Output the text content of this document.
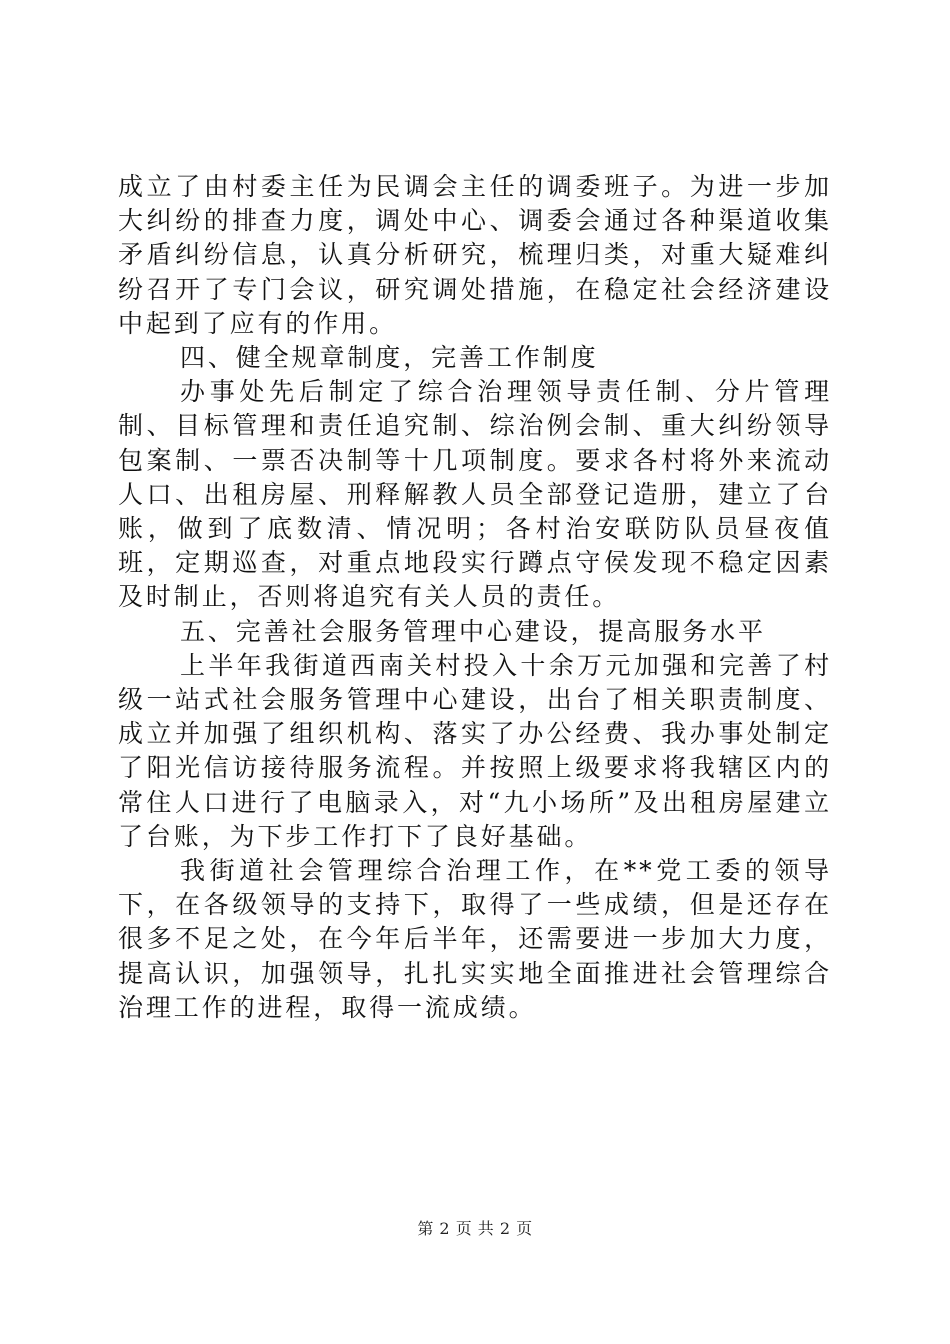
成立了由村委主任为民调会主任的调委班子。为进一步加大纠纷的排查力度，调处中心、调委会通过各种渠道收集矛盾纠纷信息，认真分析研究，梳理归类，对重大疑难纠纷召开了专门会议，研究调处措施，在稳定社会经济建设中起到了应有的作用。

四、健全规章制度，完善工作制度

办事处先后制定了综合治理领导责任制、分片管理制、目标管理和责任追究制、综治例会制、重大纠纷领导包案制、一票否决制等十几项制度。要求各村将外来流动人口、出租房屋、刑释解教人员全部登记造册，建立了台账，做到了底数清、情况明；各村治安联防队员昼夜值班，定期巡查，对重点地段实行蹲点守侯发现不稳定因素及时制止，否则将追究有关人员的责任。

五、完善社会服务管理中心建设，提高服务水平

上半年我街道西南关村投入十余万元加强和完善了村级一站式社会服务管理中心建设，出台了相关职责制度、成立并加强了组织机构、落实了办公经费、我办事处制定了阳光信访接待服务流程。并按照上级要求将我辖区内的常住人口进行了电脑录入，对“九小场所”及出租房屋建立了台账，为下步工作打下了良好基础。

我街道社会管理综合治理工作，在**党工委的领导下，在各级领导的支持下，取得了一些成绩，但是还存在很多不足之处，在今年后半年，还需要进一步加大力度，提高认识，加强领导，扎扎实实地全面推进社会管理综合治理工作的进程，取得一流成绩。

第 2 页 共 2 页
